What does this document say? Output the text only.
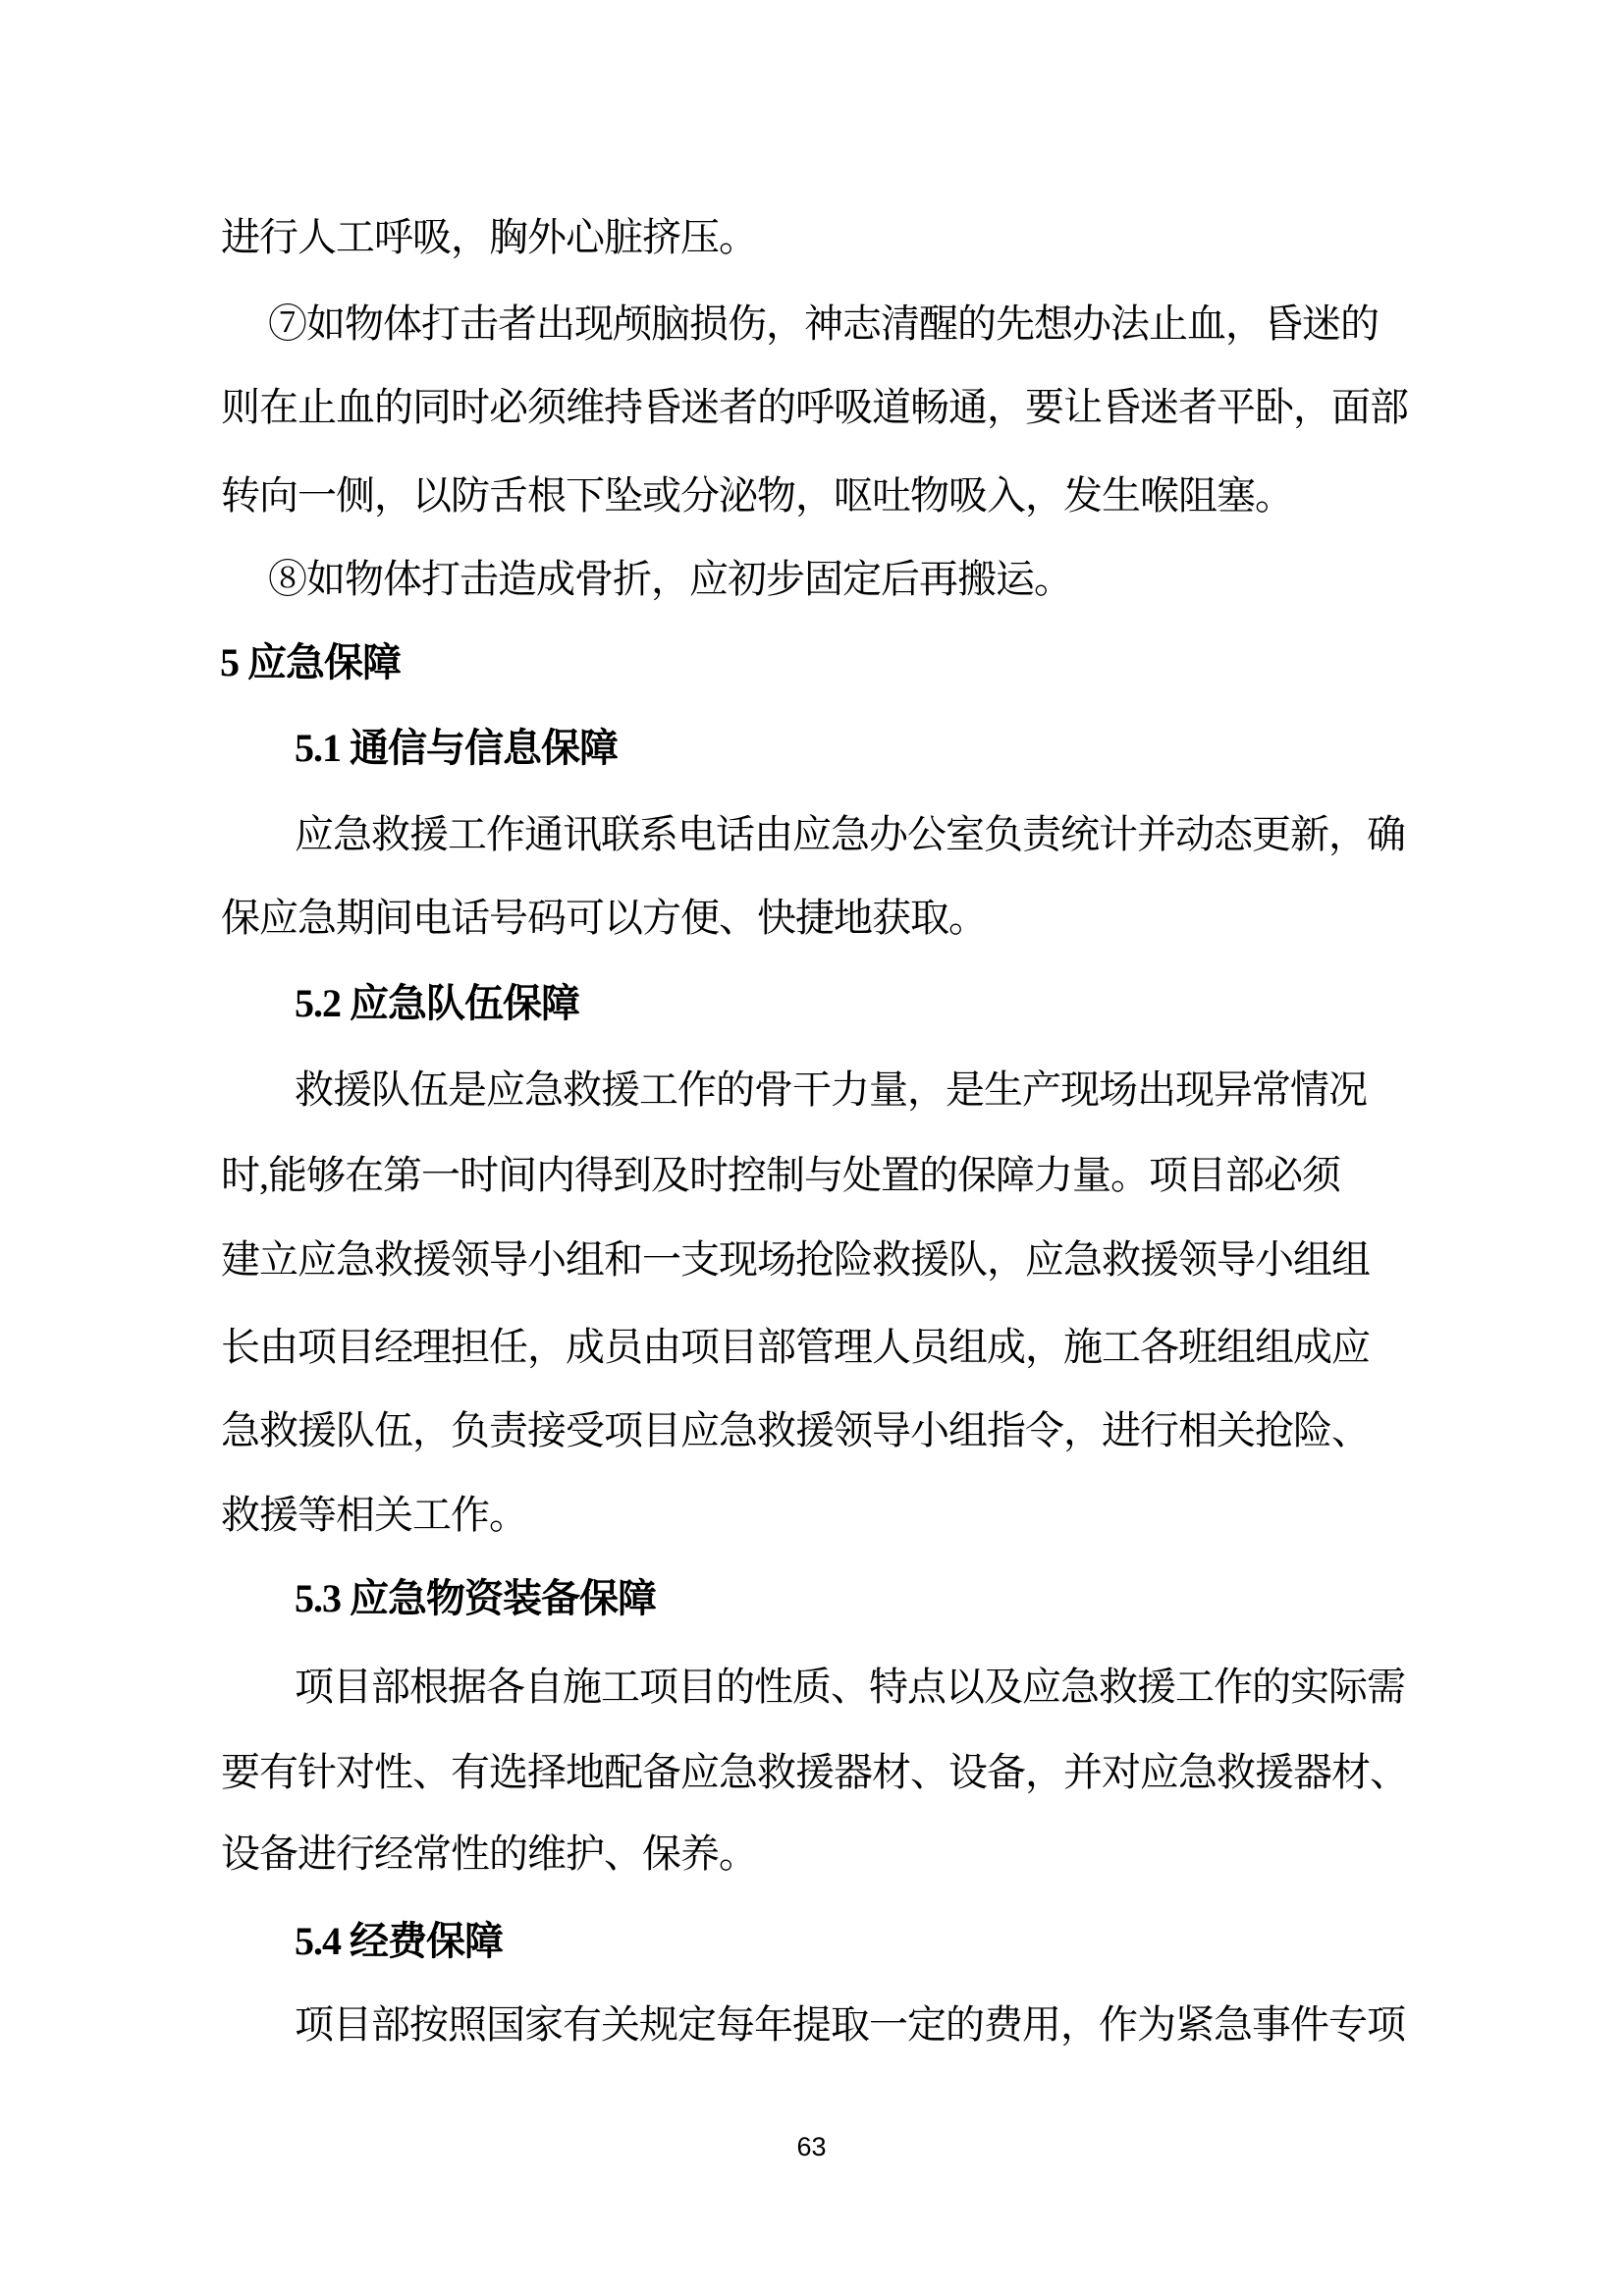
进行人工呼吸，胸外心脏挤压。
⑦如物体打击者出现颅脑损伤，神志清醒的先想办法止血，昏迷的
则在止血的同时必须维持昏迷者的呼吸道畅通，要让昏迷者平卧，面部
转向一侧，以防舌根下坠或分泌物，呕吐物吸入，发生喉阻塞。
⑧如物体打击造成骨折，应初步固定后再搬运。
5 应急保障
5.1 通信与信息保障
应急救援工作通讯联系电话由应急办公室负责统计并动态更新，确
保应急期间电话号码可以方便、快捷地获取。
5.2 应急队伍保障
救援队伍是应急救援工作的骨干力量，是生产现场出现异常情况
时,能够在第一时间内得到及时控制与处置的保障力量。项目部必须
建立应急救援领导小组和一支现场抢险救援队，应急救援领导小组组
长由项目经理担任，成员由项目部管理人员组成，施工各班组组成应
急救援队伍，负责接受项目应急救援领导小组指令，进行相关抢险、
救援等相关工作。
5.3 应急物资装备保障
项目部根据各自施工项目的性质、特点以及应急救援工作的实际需
要有针对性、有选择地配备应急救援器材、设备，并对应急救援器材、
设备进行经常性的维护、保养。
5.4 经费保障
项目部按照国家有关规定每年提取一定的费用，作为紧急事件专项
63
